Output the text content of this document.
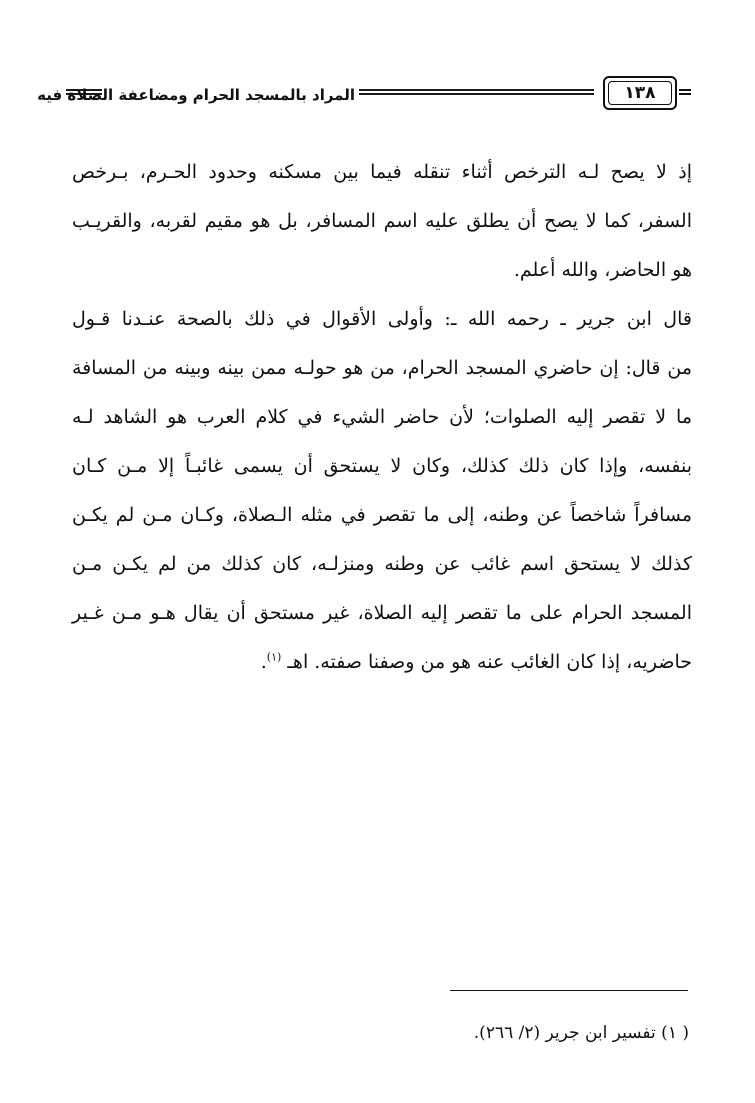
المراد بالمسجد الحرام ومضاعفة الصلاة فيه	١٣٨
إذ لا يصح لـه الترخص أثناء تنقله فيما بين مسكنه وحدود الحـرم، بـرخص
السفر، كما لا يصح أن يطلق عليه اسم المسافر، بل هو مقيم لقربه، والقريـب
هو الحاضر، والله أعلم.
قال ابن جرير ـ رحمه الله ـ: وأولى الأقوال في ذلك بالصحة عنـدنا قـول
من قال: إن حاضري المسجد الحرام، من هو حولـه ممن بينه وبينه من المسافة
ما لا تقصر إليه الصلوات؛ لأن حاضر الشيء في كلام العرب هو الشاهد لـه
بنفسه، وإذا كان ذلك كذلك، وكان لا يستحق أن يسمى غائبـاً إلا مـن كـان
مسافراً شاخصاً عن وطنه، إلى ما تقصر في مثله الـصلاة، وكـان مـن لم يكـن
كذلك لا يستحق اسم غائب عن وطنه ومنزلـه، كان كذلك من لم يكـن مـن
المسجد الحرام على ما تقصر إليه الصلاة، غير مستحق أن يقال هـو مـن غـير
حاضريه، إذا كان الغائب عنه هو من وصفنا صفته. اهـ $^{(١)}$.
( ١) تفسير ابن جرير (٢/ ٢٦٦).
